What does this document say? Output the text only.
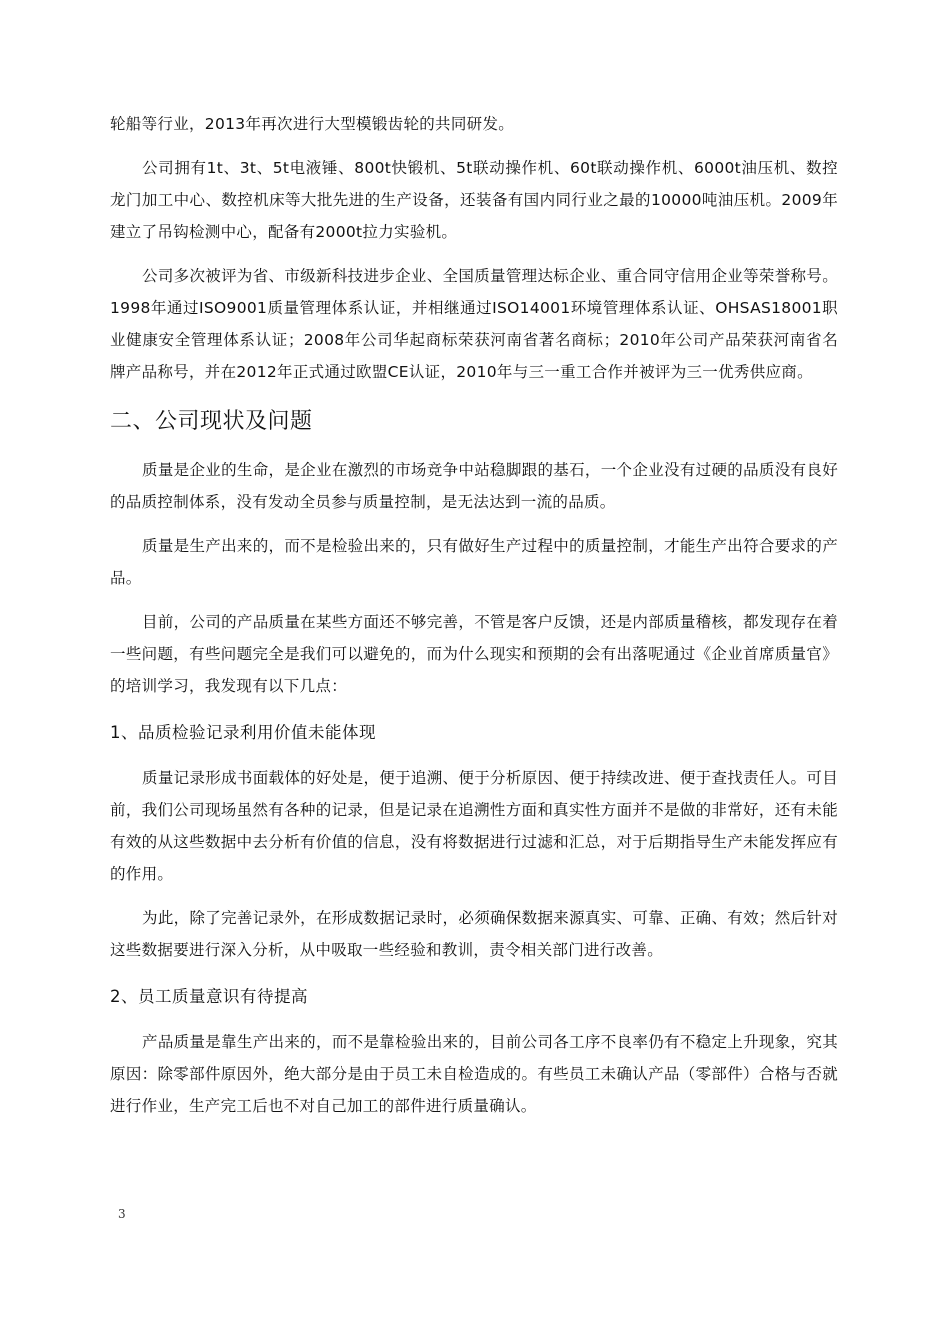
轮船等行业，2013年再次进行大型模锻齿轮的共同研发。

公司拥有1t、3t、5t电液锤、800t快锻机、5t联动操作机、60t联动操作机、6000t油压机、数控龙门加工中心、数控机床等大批先进的生产设备，还装备有国内同行业之最的10000吨油压机。2009年建立了吊钩检测中心，配备有2000t拉力实验机。

公司多次被评为省、市级新科技进步企业、全国质量管理达标企业、重合同守信用企业等荣誉称号。1998年通过ISO9001质量管理体系认证，并相继通过ISO14001环境管理体系认证、OHSAS18001职业健康安全管理体系认证；2008年公司华起商标荣获河南省著名商标；2010年公司产品荣获河南省名牌产品称号，并在2012年正式通过欧盟CE认证，2010年与三一重工合作并被评为三一优秀供应商。

二、公司现状及问题

质量是企业的生命，是企业在激烈的市场竞争中站稳脚跟的基石，一个企业没有过硬的品质没有良好的品质控制体系，没有发动全员参与质量控制，是无法达到一流的品质。

质量是生产出来的，而不是检验出来的，只有做好生产过程中的质量控制，才能生产出符合要求的产品。

目前，公司的产品质量在某些方面还不够完善，不管是客户反馈，还是内部质量稽核，都发现存在着一些问题，有些问题完全是我们可以避免的，而为什么现实和预期的会有出落呢通过《企业首席质量官》的培训学习，我发现有以下几点：

1、品质检验记录利用价值未能体现

质量记录形成书面载体的好处是，便于追溯、便于分析原因、便于持续改进、便于查找责任人。可目前，我们公司现场虽然有各种的记录，但是记录在追溯性方面和真实性方面并不是做的非常好，还有未能有效的从这些数据中去分析有价值的信息，没有将数据进行过滤和汇总，对于后期指导生产未能发挥应有的作用。

为此，除了完善记录外，在形成数据记录时，必须确保数据来源真实、可靠、正确、有效；然后针对这些数据要进行深入分析，从中吸取一些经验和教训，责令相关部门进行改善。

2、员工质量意识有待提高

产品质量是靠生产出来的，而不是靠检验出来的，目前公司各工序不良率仍有不稳定上升现象，究其原因：除零部件原因外，绝大部分是由于员工未自检造成的。有些员工未确认产品（零部件）合格与否就进行作业，生产完工后也不对自己加工的部件进行质量确认。

3
